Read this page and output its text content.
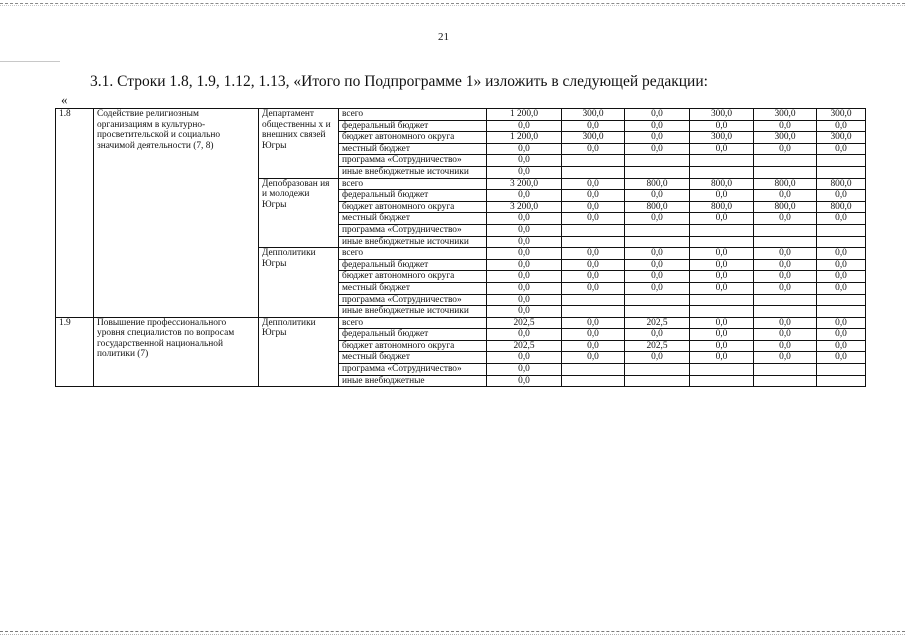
21
3.1. Строки 1.8, 1.9, 1.12, 1.13, «Итого по Подпрограмме 1» изложить в следующей редакции:
«
1.8	Содействие религиозным организациям в культурно-просветительской и социально значимой деятельности (7, 8)	Департамент общественны х и внешних связей Югры	всего	1 200,0	300,0	0,0	300,0	300,0	300,0
			федеральный бюджет	0,0	0,0	0,0	0,0	0,0	0,0
			бюджет автономного округа	1 200,0	300,0	0,0	300,0	300,0	300,0
			местный бюджет	0,0	0,0	0,0	0,0	0,0	0,0
			программа «Сотрудничество»	0,0					
			иные внебюджетные источники	0,0					
		Депобразован ия и молодежи Югры	всего	3 200,0	0,0	800,0	800,0	800,0	800,0
			федеральный бюджет	0,0	0,0	0,0	0,0	0,0	0,0
			бюджет автономного округа	3 200,0	0,0	800,0	800,0	800,0	800,0
			местный бюджет	0,0	0,0	0,0	0,0	0,0	0,0
			программа «Сотрудничество»	0,0					
			иные внебюджетные источники	0,0					
		Депполитики Югры	всего	0,0	0,0	0,0	0,0	0,0	0,0
			федеральный бюджет	0,0	0,0	0,0	0,0	0,0	0,0
			бюджет автономного округа	0,0	0,0	0,0	0,0	0,0	0,0
			местный бюджет	0,0	0,0	0,0	0,0	0,0	0,0
			программа «Сотрудничество»	0,0					
			иные внебюджетные источники	0,0					
1.9	Повышение профессионального уровня специалистов по вопросам государственной национальной политики (7)	Депполитики Югры	всего	202,5	0,0	202,5	0,0	0,0	0,0
			федеральный бюджет	0,0	0,0	0,0	0,0	0,0	0,0
			бюджет автономного округа	202,5	0,0	202,5	0,0	0,0	0,0
			местный бюджет	0,0	0,0	0,0	0,0	0,0	0,0
			программа «Сотрудничество»	0,0					
			иные внебюджетные	0,0					
